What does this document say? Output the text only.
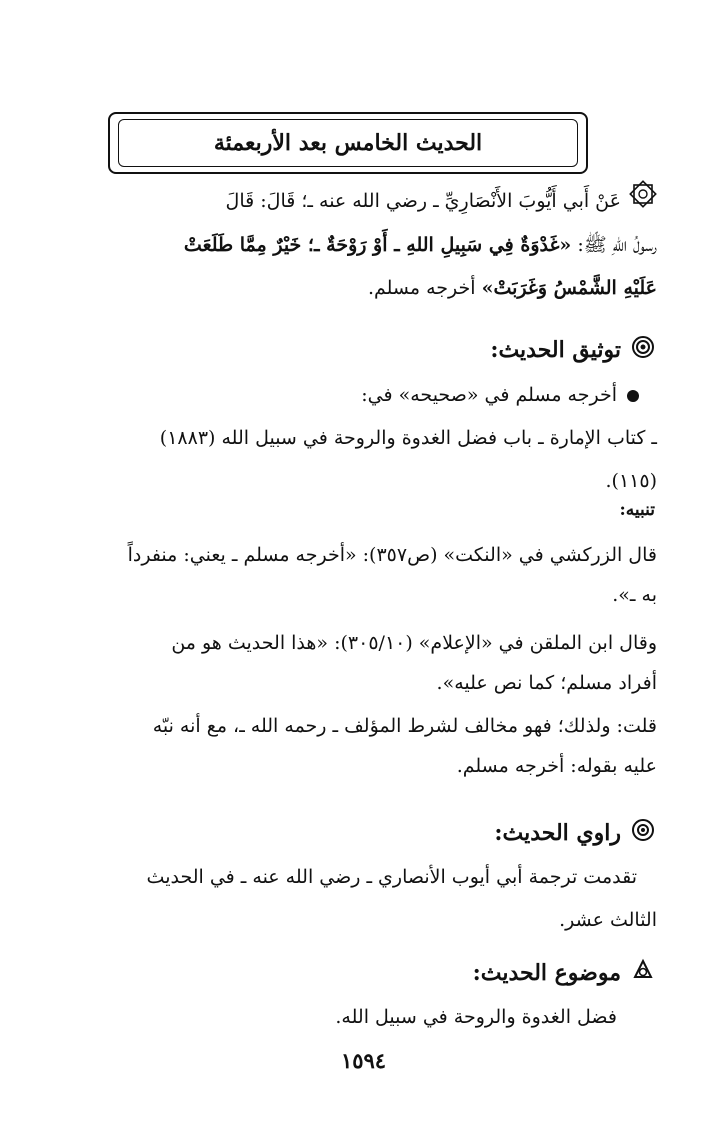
الحديث الخامس بعد الأربعمئة
عَنْ أَبي أَيُّوبَ الأَنْصَارِيِّ ـ رضي الله عنه ـ؛ قَالَ: قَالَ
رسولُ اللهِ ﷺ: «غَدْوَةٌ فِي سَبِيلِ اللهِ ـ أَوْ رَوْحَةٌ ـ؛ خَيْرٌ مِمَّا طَلَعَتْ
عَلَيْهِ الشَّمْسُ وَغَرَبَتْ» أخرجه مسلم.
توثيق الحديث:
أخرجه مسلم في «صحيحه» في:
ـ كتاب الإمارة ـ باب فضل الغدوة والروحة في سبيل الله (١٨٨٣)
(١١٥).
تنبيه:
قال الزركشي في «النكت» (ص٣٥٧): «أخرجه مسلم ـ يعني: منفرداً
به ـ».
وقال ابن الملقن في «الإعلام» (٣٠٥/١٠): «هذا الحديث هو من
أفراد مسلم؛ كما نص عليه».
قلت: ولذلك؛ فهو مخالف لشرط المؤلف ـ رحمه الله ـ، مع أنه نبّه
عليه بقوله: أخرجه مسلم.
راوي الحديث:
تقدمت ترجمة أبي أيوب الأنصاري ـ رضي الله عنه ـ في الحديث
الثالث عشر.
موضوع الحديث:
فضل الغدوة والروحة في سبيل الله.
١٥٩٤
